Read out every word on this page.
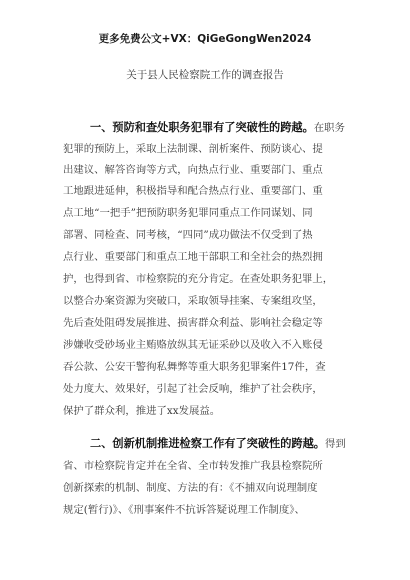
更多免费公文+VX：QiGeGongWen2024
关于县人民检察院工作的调查报告
一、预防和查处职务犯罪有了突破性的跨越。在职务
犯罪的预防上，采取上法制课、剖析案件、预防谈心、提
出建议、解答咨询等方式，向热点行业、重要部门、重点
工地跟进延伸，积极指导和配合热点行业、重要部门、重
点工地“一把手”把预防职务犯罪同重点工作同谋划、同
部署、同检查、同考核，“四同”成功做法不仅受到了热
点行业、重要部门和重点工地干部职工和全社会的热烈拥
护，也得到省、市检察院的充分肯定。在查处职务犯罪上，
以整合办案资源为突破口，采取领导挂案、专案组攻坚，
先后查处阻碍发展推进、损害群众利益、影响社会稳定等
涉嫌收受砂场业主贿赂放纵其无证采砂以及收入不入账侵
吞公款、公安干警徇私舞弊等重大职务犯罪案件17件，查
处力度大、效果好，引起了社会反响，维护了社会秩序，
保护了群众利，推进了xx发展益。
二、创新机制推进检察工作有了突破性的跨越。得到
省、市检察院肯定并在全省、全市转发推广我县检察院所
创新探索的机制、制度、方法的有：《不捕双向说理制度
规定(暂行)》、《刑事案件不抗诉答疑说理工作制度》、
